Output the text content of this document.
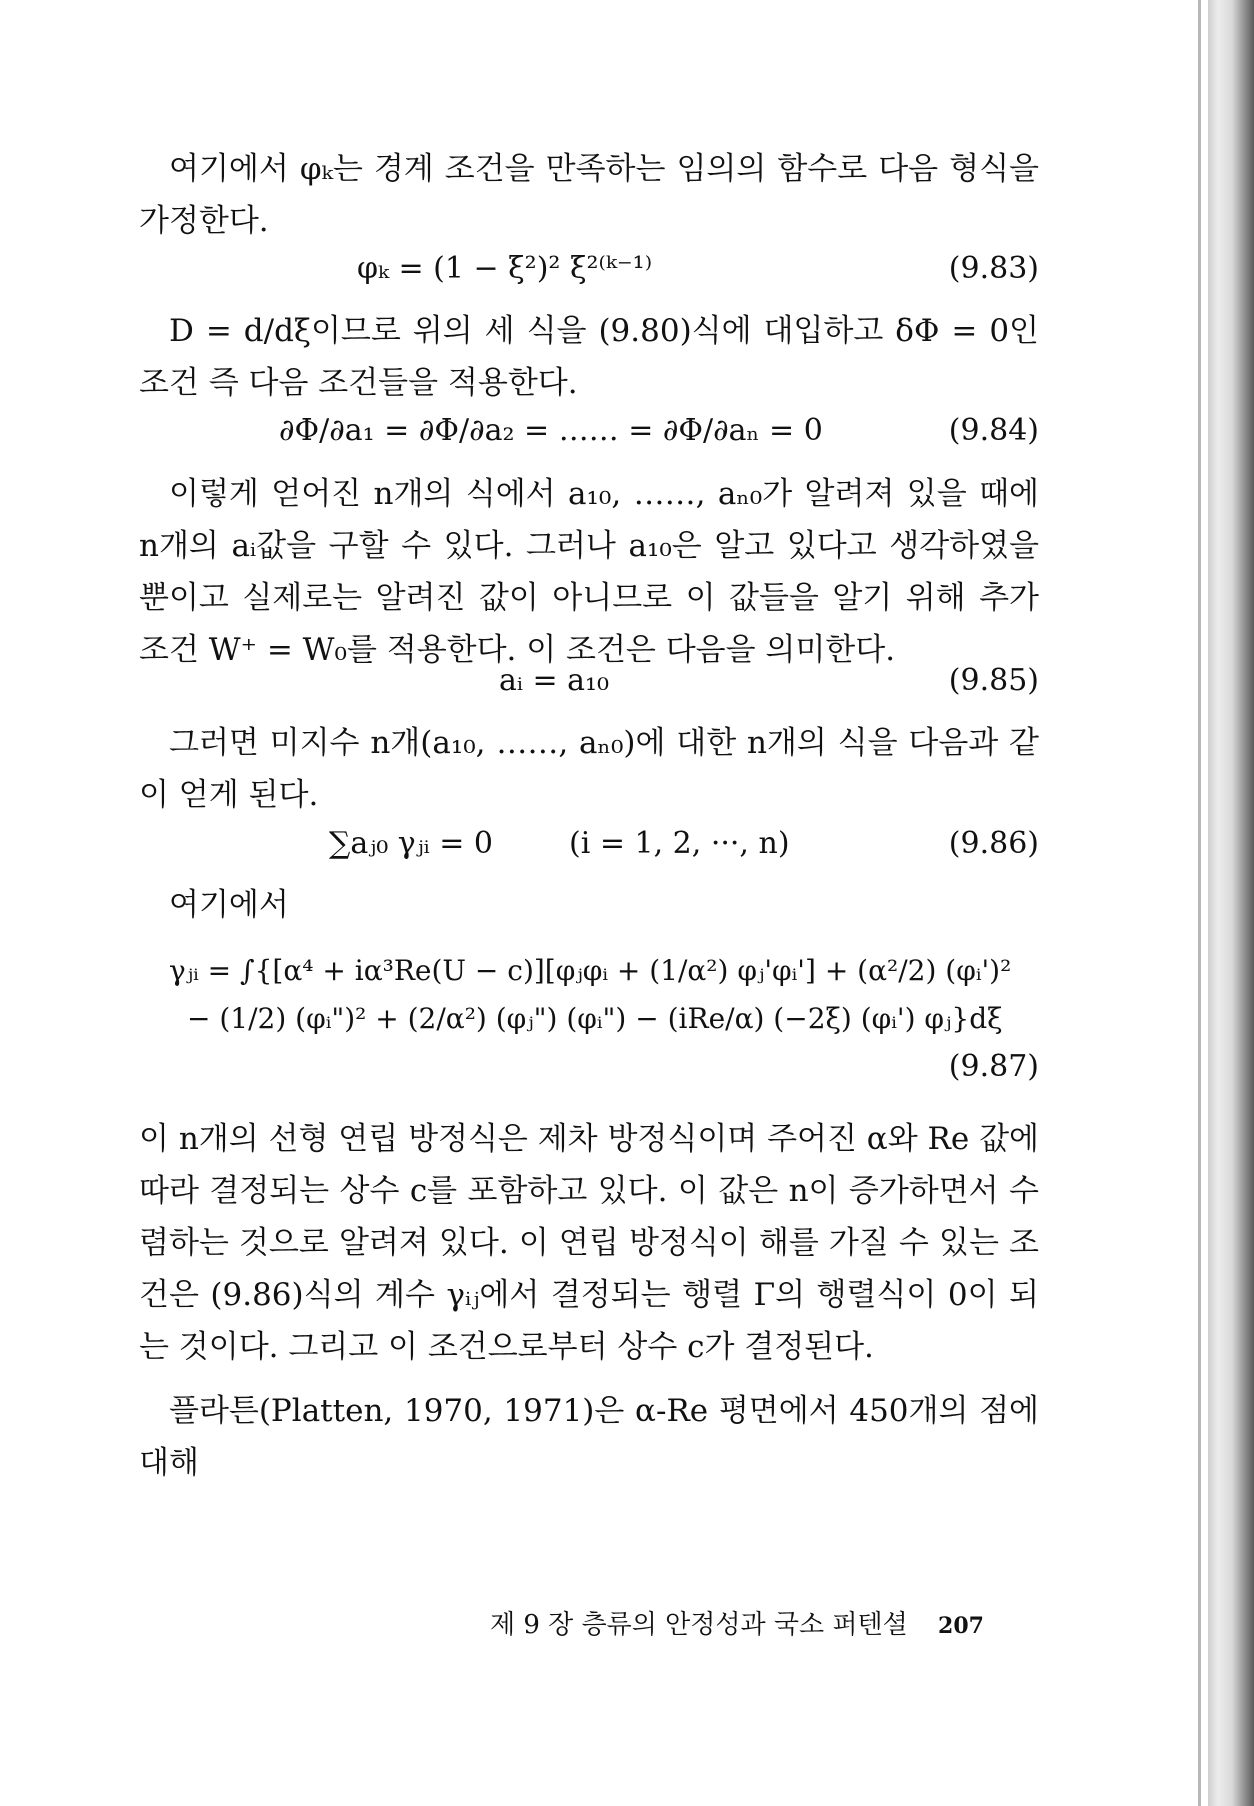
여기에서 φₖ는 경계 조건을 만족하는 임의의 함수로 다음 형식을 가정한다.

φₖ = (1 − ξ²)² ξ²⁽ᵏ⁻¹⁾	(9.83)

D = d/dξ이므로 위의 세 식을 (9.80)식에 대입하고 δΦ = 0인 조건 즉 다음 조건들을 적용한다.

∂Φ/∂a₁ = ∂Φ/∂a₂ = …… = ∂Φ/∂aₙ = 0	(9.84)

이렇게 얻어진 n개의 식에서 a₁₀, ……, aₙ₀가 알려져 있을 때에 n개의 aᵢ값을 구할 수 있다. 그러나 a₁₀은 알고 있다고 생각하였을 뿐이고 실제로는 알려진 값이 아니므로 이 값들을 알기 위해 추가 조건 W⁺ = W₀를 적용한다. 이 조건은 다음을 의미한다.

aᵢ = a₁₀	(9.85)

그러면 미지수 n개(a₁₀, ……, aₙ₀)에 대한 n개의 식을 다음과 같이 얻게 된다.

∑aⱼ₀ γⱼᵢ = 0	(i = 1, 2, ···, n)	(9.86)

여기에서

γⱼᵢ = ∫{[α⁴ + iα³Re(U − c)][φⱼφᵢ + (1/α²) φⱼ'φᵢ'] + (α²/2) (φᵢ')²
− (1/2) (φᵢ")² + (2/α²) (φⱼ") (φᵢ") − (iRe/α) (−2ξ) (φᵢ') φⱼ}dξ
(9.87)

이 n개의 선형 연립 방정식은 제차 방정식이며 주어진 α와 Re 값에 따라 결정되는 상수 c를 포함하고 있다. 이 값은 n이 증가하면서 수렴하는 것으로 알려져 있다. 이 연립 방정식이 해를 가질 수 있는 조건은 (9.86)식의 계수 γᵢⱼ에서 결정되는 행렬 Γ의 행렬식이 0이 되는 것이다. 그리고 이 조건으로부터 상수 c가 결정된다.

플라튼(Platten, 1970, 1971)은 α-Re 평면에서 450개의 점에 대해

제 9 장 층류의 안정성과 국소 퍼텐셜 207
